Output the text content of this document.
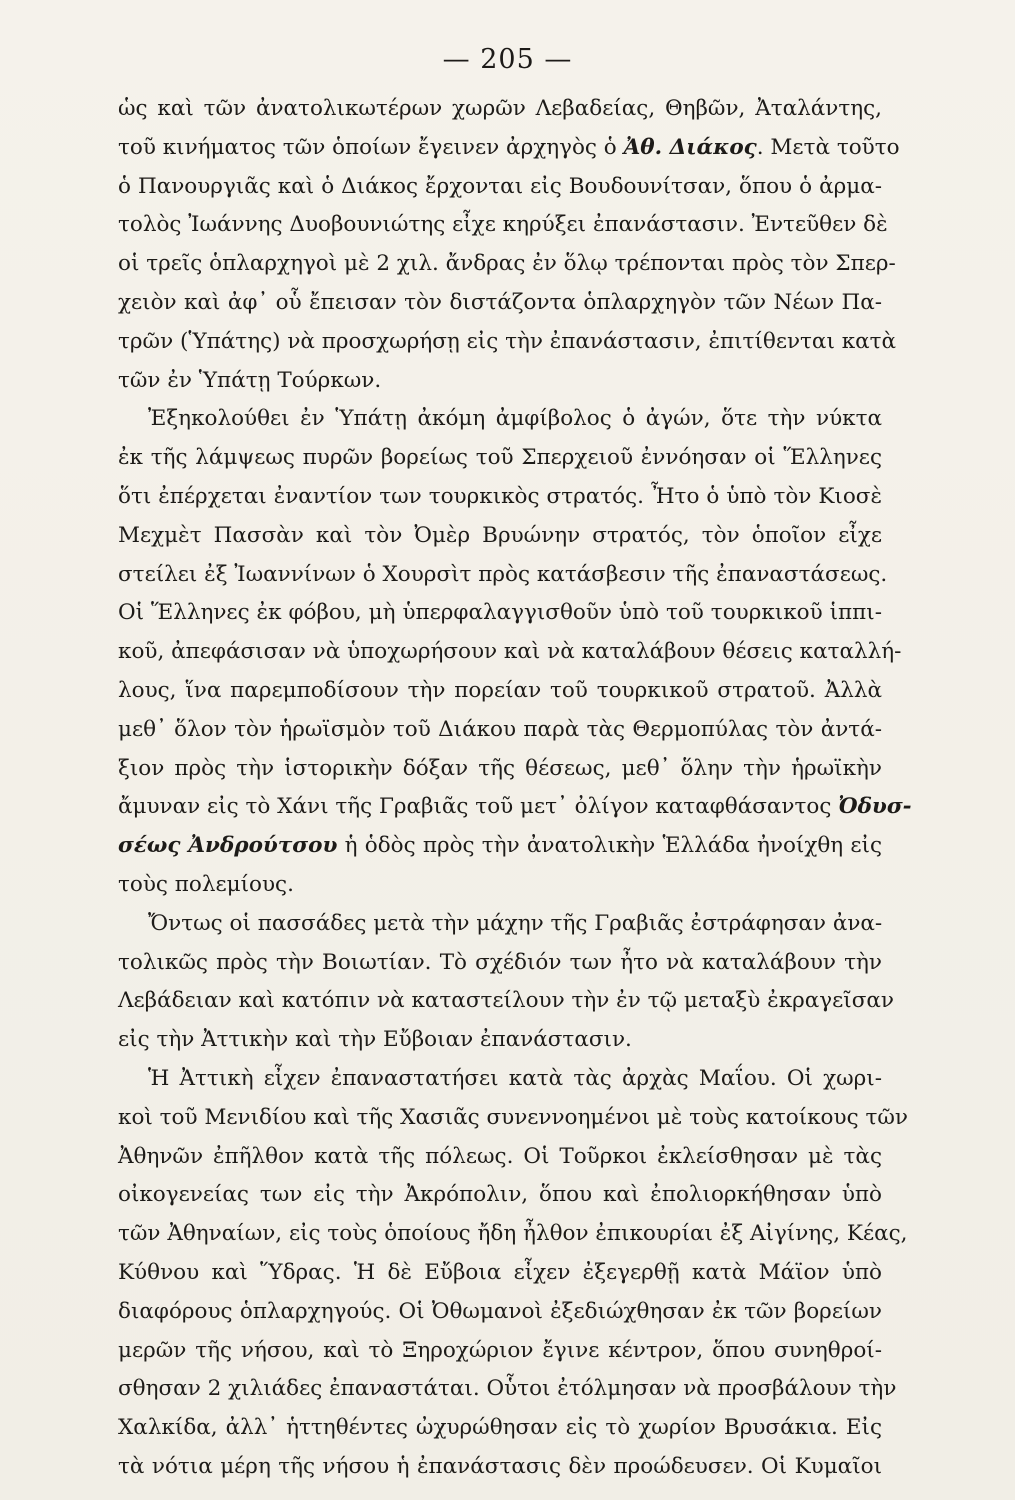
— 205 —
ὡς καὶ τῶν ἀνατολικωτέρων χωρῶν Λεβαδείας, Θηβῶν, Ἀταλάντης,
τοῦ κινήματος τῶν ὁποίων ἔγεινεν ἀρχηγὸς ὁ Ἀθ. Διάκος. Μετὰ τοῦτο
ὁ Πανουργιᾶς καὶ ὁ Διάκος ἔρχονται εἰς Βουδουνίτσαν, ὅπου ὁ ἀρμα-
τολὸς Ἰωάννης Δυοβουνιώτης εἶχε κηρύξει ἐπανάστασιν. Ἐντεῦθεν δὲ
οἱ τρεῖς ὁπλαρχηγοὶ μὲ 2 χιλ. ἄνδρας ἐν ὅλῳ τρέπονται πρὸς τὸν Σπερ-
χειὸν καὶ ἀφ᾽ οὗ ἔπεισαν τὸν διστάζοντα ὁπλαρχηγὸν τῶν Νέων Πα-
τρῶν (Ὑπάτης) νὰ προσχωρήσῃ εἰς τὴν ἐπανάστασιν, ἐπιτίθενται κατὰ
τῶν ἐν Ὑπάτῃ Τούρκων.
Ἐξηκολούθει ἐν Ὑπάτῃ ἀκόμη ἀμφίβολος ὁ ἀγών, ὅτε τὴν νύκτα
ἐκ τῆς λάμψεως πυρῶν βορείως τοῦ Σπερχειοῦ ἐννόησαν οἱ Ἕλληνες
ὅτι ἐπέρχεται ἐναντίον των τουρκικὸς στρατός. Ἦτο ὁ ὑπὸ τὸν Κιοσὲ
Μεχμὲτ Πασσὰν καὶ τὸν Ὀμὲρ Βρυώνην στρατός, τὸν ὁποῖον εἶχε
στείλει ἐξ Ἰωαννίνων ὁ Χουρσὶτ πρὸς κατάσβεσιν τῆς ἐπαναστάσεως.
Οἱ Ἕλληνες ἐκ φόβου, μὴ ὑπερφαλαγγισθοῦν ὑπὸ τοῦ τουρκικοῦ ἱππι-
κοῦ, ἀπεφάσισαν νὰ ὑποχωρήσουν καὶ νὰ καταλάβουν θέσεις καταλλή-
λους, ἵνα παρεμποδίσουν τὴν πορείαν τοῦ τουρκικοῦ στρατοῦ. Ἀλλὰ
μεθ᾽ ὅλον τὸν ἡρωϊσμὸν τοῦ Διάκου παρὰ τὰς Θερμοπύλας τὸν ἀντά-
ξιον πρὸς τὴν ἱστορικὴν δόξαν τῆς θέσεως, μεθ᾽ ὅλην τὴν ἡρωϊκὴν
ἄμυναν εἰς τὸ Χάνι τῆς Γραβιᾶς τοῦ μετ᾽ ὀλίγον καταφθάσαντος Ὀδυσ-
σέως Ἀνδρούτσου ἡ ὁδὸς πρὸς τὴν ἀνατολικὴν Ἑλλάδα ἠνοίχθη εἰς
τοὺς πολεμίους.
Ὄντως οἱ πασσάδες μετὰ τὴν μάχην τῆς Γραβιᾶς ἐστράφησαν ἀνα-
τολικῶς πρὸς τὴν Βοιωτίαν. Τὸ σχέδιόν των ἦτο νὰ καταλάβουν τὴν
Λεβάδειαν καὶ κατόπιν νὰ καταστείλουν τὴν ἐν τῷ μεταξὺ ἐκραγεῖσαν
εἰς τὴν Ἀττικὴν καὶ τὴν Εὔβοιαν ἐπανάστασιν.
Ἡ Ἀττικὴ εἶχεν ἐπαναστατήσει κατὰ τὰς ἀρχὰς Μαΐου. Οἱ χωρι-
κοὶ τοῦ Μενιδίου καὶ τῆς Χασιᾶς συνεννοημένοι μὲ τοὺς κατοίκους τῶν
Ἀθηνῶν ἐπῆλθον κατὰ τῆς πόλεως. Οἱ Τοῦρκοι ἐκλείσθησαν μὲ τὰς
οἰκογενείας των εἰς τὴν Ἀκρόπολιν, ὅπου καὶ ἐπολιορκήθησαν ὑπὸ
τῶν Ἀθηναίων, εἰς τοὺς ὁποίους ἤδη ἦλθον ἐπικουρίαι ἐξ Αἰγίνης, Κέας,
Κύθνου καὶ Ὕδρας. Ἡ δὲ Εὔβοια εἶχεν ἐξεγερθῇ κατὰ Μάϊον ὑπὸ
διαφόρους ὁπλαρχηγούς. Οἱ Ὀθωμανοὶ ἐξεδιώχθησαν ἐκ τῶν βορείων
μερῶν τῆς νήσου, καὶ τὸ Ξηροχώριον ἔγινε κέντρον, ὅπου συνηθροί-
σθησαν 2 χιλιάδες ἐπαναστάται. Οὗτοι ἐτόλμησαν νὰ προσβάλουν τὴν
Χαλκίδα, ἀλλ᾽ ἡττηθέντες ὠχυρώθησαν εἰς τὸ χωρίον Βρυσάκια. Εἰς
τὰ νότια μέρη τῆς νήσου ἡ ἐπανάστασις δὲν προώδευσεν. Οἱ Κυμαῖοι
